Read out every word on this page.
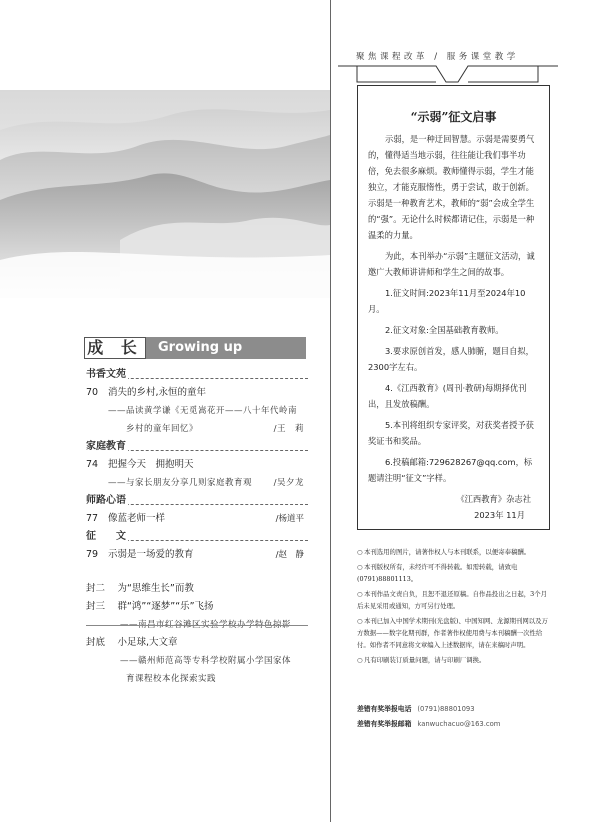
成 长	Growing up
书香文苑
70 消失的乡村,永恒的童年
——品读黄学谦《无觅嵩花开——八十年代岭南
乡村的童年回忆》	/王　莉
家庭教育
74 把握今天　拥抱明天
——与家长朋友分享几则家庭教育观	/吴夕龙
师路心语
77 像蓝老师一样	/杨道平
征　　文
79 示弱是一场爱的教育	/赵　静
封二　 为“思维生长”而教
封三　 群“鸿”“逐梦”“乐”飞扬
——南昌市红谷滩区实验学校办学特色掠影
封底　 小足球,大文章
——赣州师范高等专科学校附属小学国家体
育课程校本化探索实践
聚焦课程改革 / 服务课堂教学
“示弱”征文启事

示弱，是一种迂回智慧。示弱是需要勇气的，懂得适当地示弱，往往能让我们事半功倍，免去很多麻烦。教师懂得示弱，学生才能独立，才能克服惰性，勇于尝试，敢于创新。示弱是一种教育艺术，教师的“弱”会成全学生的“强”。无论什么时候都请记住，示弱是一种温柔的力量。

为此，本刊举办“示弱”主题征文活动，诚邀广大教师讲讲师和学生之间的故事。

1.征文时间:2023年11月至2024年10月。

2.征文对象:全国基础教育教师。

3.要求原创首发，感人肺腑，题目自拟，2300字左右。

4.《江西教育》(周刊·教研)每期择优刊出，且发放稿酬。

5.本刊将组织专家评奖，对获奖者授予获奖证书和奖品。

6.投稿邮箱:729628267@qq.com，标题请注明“征文”字样。

《江西教育》杂志社
2023年 11月

○本刊选用的图片，请著作权人与本刊联系，以便寄奉稿酬。

○本刊版权所有，未经许可不得转载。如需转载，请致电(0791)88801113。

○本刊作品文责自负，且恕不退还原稿。自作品投出之日起，3个月后未见采用或通知，方可另行处理。

○本刊已加入中国学术期刊(光盘版)、中国知网、龙源期刊网以及万方数据——数字化期刊群，作者著作权使用费与本刊稿酬一次性给付。如作者不同意将文章编入上述数据库，请在来稿时声明。

○凡有印刷装订质量问题，请与印刷厂调换。

差错有奖举报电话 (0791)88801093
差错有奖举报邮箱 kanwuchacuo@163.com
